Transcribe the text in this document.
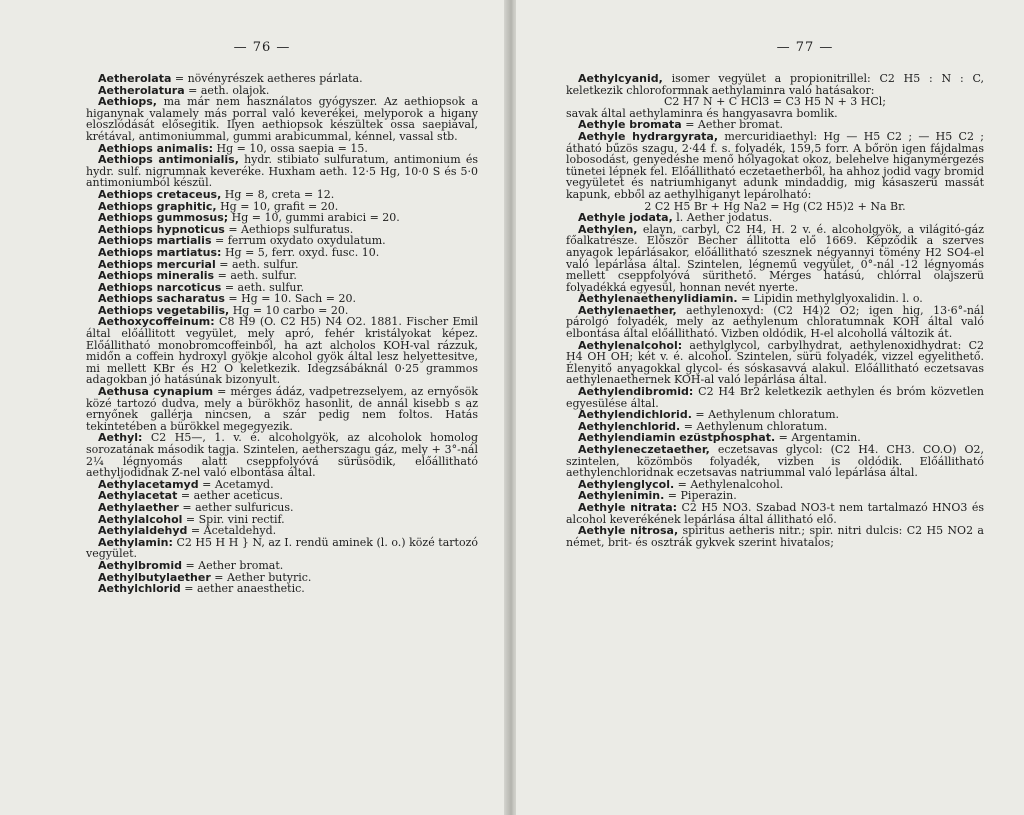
— 76 —

Aetherolata = növényrészek aetheres párlata.

Aetherolatura = aeth. olajok.

Aethiops, ma már nem használatos gyógyszer. Az aethiopsok a higanynak valamely más porral való keverékei, melyporok a higany eloszlódását elősegitik. Ilyen aethiopsok készültek ossa saepiával, krétával, antimoniummal, gummi arabicummal, kénnel, vassal stb.

Aethiops animalis: Hg = 10, ossa saepia = 15.

Aethiops antimonialis, hydr. stibiato sulfuratum, antimonium és hydr. sulf. nigrumnak keveréke. Huxham aeth. 12·5 Hg, 10·0 S és 5·0 antimoniumból készül.

Aethiops cretaceus, Hg = 8, creta = 12.

Aethiops graphitic, Hg = 10, grafit = 20.

Aethiops gummosus; Hg = 10, gummi arabici = 20.

Aethiops hypnoticus = Aethiops sulfuratus.

Aethiops martialis = ferrum oxydato oxydulatum.

Aethiops martiatus: Hg = 5, ferr. oxyd. fusc. 10.

Aethiops mercurial = aeth. sulfur.

Aethiops mineralis = aeth. sulfur.

Aethiops narcoticus = aeth. sulfur.

Aethiops sacharatus = Hg = 10. Sach = 20.

Aethiops vegetabilis, Hg = 10 carbo = 20.

Aethoxycoffeinum: C8 H9 (O. C2 H5) N4 O2. 1881. Fischer Emil által előállitott vegyület, mely apró, fehér kristályokat képez. Előállitható monobromcoffeinből, ha azt alcholos KOH-val rázzuk, midőn a coffein hydroxyl gyökje alcohol gyök által lesz helyettesitve, mi mellett KBr és H2 O keletkezik. Idegzsábáknál 0·25 grammos adagokban jó hatásúnak bizonyult.

Aethusa cynapium = mérges ádáz, vadpetrezselyem, az ernyősök közé tartozó dudva, mely a bürökhöz hasonlit, de annál kisebb s az ernyőnek gallérja nincsen, a szár pedig nem foltos. Hatás tekintetében a bürökkel megegyezik.

Aethyl: C2 H5—, 1. v. é. alcoholgyök, az alcoholok homolog sorozatának második tagja. Szintelen, aetherszagu gáz, mely + 3°-nál 2¼ légnyomás alatt cseppfolyóvá sürüsödik, előállitható aethyljodidnak Z-nel való elbontása által.

Aethylacetamyd = Acetamyd.

Aethylacetat = aether aceticus.

Aethylaether = aether sulfuricus.

Aethylalcohol = Spir. vini rectif.

Aethylaldehyd = Acetaldehyd.

Aethylamin: C2 H5 H H } N, az I. rendü aminek (l. o.) közé tartozó vegyület.

Aethylbromid = Aether bromat.

Aethylbutylaether = Aether butyric.

Aethylchlorid = aether anaesthetic.

— 77 —

Aethylcyanid, isomer vegyület a propionitrillel: C2 H5 : N : C, keletkezik chloroformnak aethylaminra való hatásakor:

C2 H7 N + C HCl3 = C3 H5 N + 3 HCl;

savak által aethylaminra és hangyasavra bomlik.

Aethyle bromata = Aether bromat.

Aethyle hydrargyrata, mercuridiaethyl: Hg — H5 C2 ; — H5 C2 ; átható bűzös szagu, 2·44 f. s. folyadék, 159,5 forr. A bőrön igen fájdalmas lobosodást, genyedéshe menő hólyagokat okoz, belehelve higanymérgezés tünetei lépnek fel. Előállitható eczetaetherből, ha ahhoz jodid vagy bromid vegyületet és natriumhiganyt adunk mindaddig, mig kásaszerü massát kapunk, ebből az aethylhiganyt lepárolható:

2 C2 H5 Br + Hg Na2 = Hg (C2 H5)2 + Na Br.

Aethyle jodata, l. Aether jodatus.

Aethylen, elayn, carbyl, C2 H4, H. 2 v. é. alcoholgyök, a világitó-gáz főalkatrésze. Először Becher állitotta elő 1669. Képződik a szerves anyagok lepárlásakor, előállitható szesznek négyannyi tömény H2 SO4-el való lepárlása által. Szintelen, légnemű vegyület, 0°-nál -12 légnyomás mellett cseppfolyóvá sürithető. Mérges hatású, chlórral olajszerü folyadékká egyesül, honnan nevét nyerte.

Aethylenaethenylidiamin. = Lipidin methylglyoxalidin. l. o.

Aethylenaether, aethylenoxyd: (C2 H4)2 O2; igen hig, 13·6°-nál párolgó folyadék, mely az aethylenum chloratumnak KOH által való elbontása által előállitható. Vizben oldódik, H-el alcohollá változik át.

Aethylenalcohol: aethylglycol, carbylhydrat, aethylenoxidhydrat: C2 H4 OH OH; két v. é. alcohol. Szintelen, sürü folyadék, vizzel egyelithető. Élenyitő anyagokkal glycol- és sóskasavvá alakul. Előállitható eczetsavas aethylenaethernek KOH-al való lepárlása által.

Aethylendibromid: C2 H4 Br2 keletkezik aethylen és bróm közvetlen egyesülése által.

Aethylendichlorid. = Aethylenum chloratum.

Aethylenchlorid. = Aethylenum chloratum.

Aethylendiamin ezüstphosphat. = Argentamin.

Aethyleneczetaether, eczetsavas glycol: (C2 H4. CH3. CO.O) O2, szintelen, közömbös folyadék, vizben is oldódik. Előállitható aethylenchloridnak eczetsavas natriummal való lepárlása által.

Aethylenglycol. = Aethylenalcohol.

Aethylenimin. = Piperazin.

Aethyle nitrata: C2 H5 NO3. Szabad NO3-t nem tartalmazó HNO3 és alcohol keverékének lepárlása által állitható elő.

Aethyle nitrosa, spiritus aetheris nitr.; spir. nitri dulcis: C2 H5 NO2 a német, brit- és osztrák gykvek szerint hivatalos;
